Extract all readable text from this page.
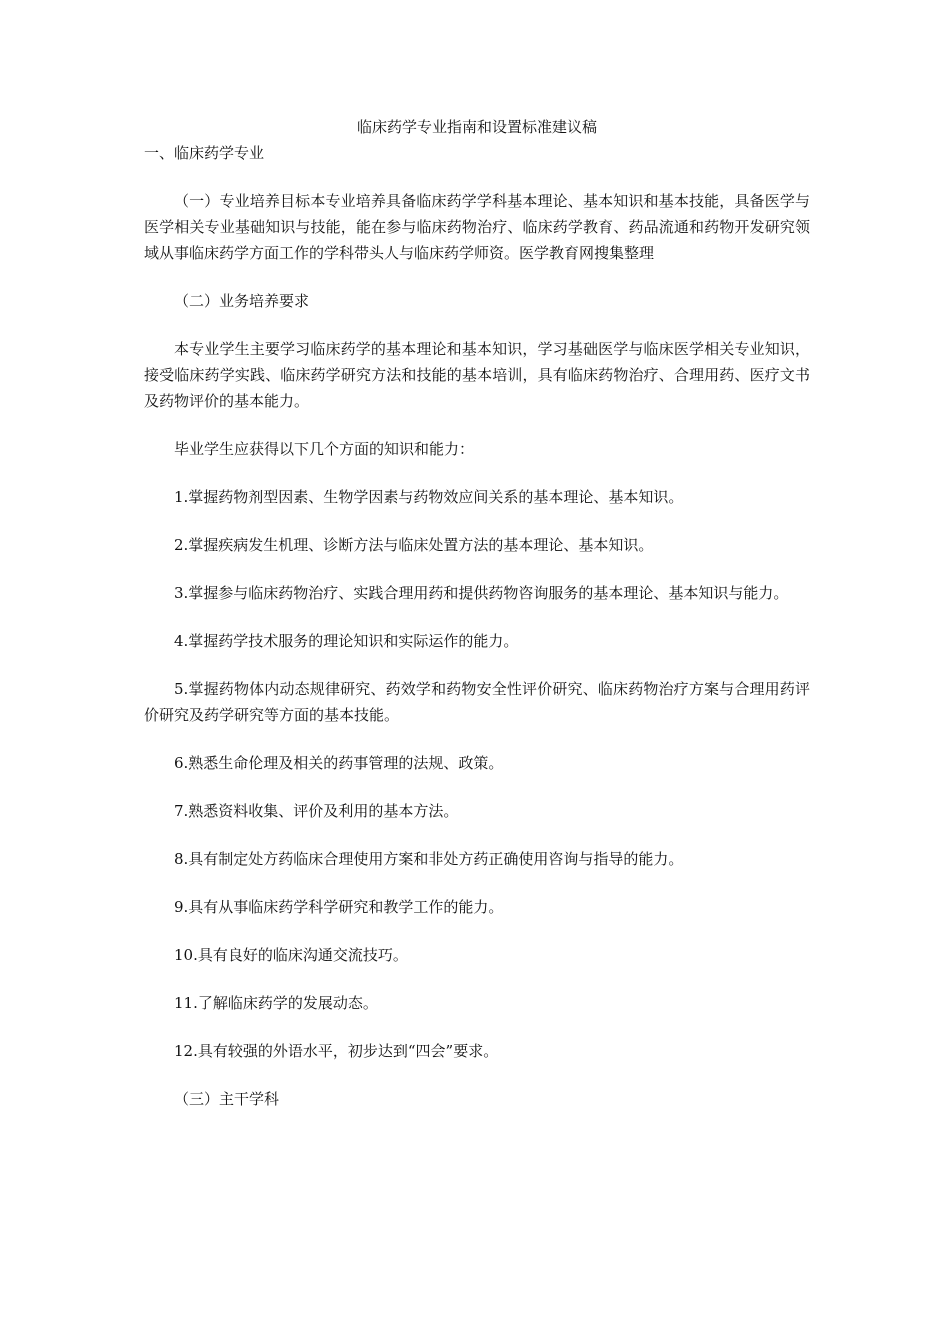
临床药学专业指南和设置标准建议稿

一、临床药学专业

（一）专业培养目标本专业培养具备临床药学学科基本理论、基本知识和基本技能，具备医学与医学相关专业基础知识与技能，能在参与临床药物治疗、临床药学教育、药品流通和药物开发研究领域从事临床药学方面工作的学科带头人与临床药学师资。医学教育网搜集整理

（二）业务培养要求

本专业学生主要学习临床药学的基本理论和基本知识，学习基础医学与临床医学相关专业知识，接受临床药学实践、临床药学研究方法和技能的基本培训，具有临床药物治疗、合理用药、医疗文书及药物评价的基本能力。

毕业学生应获得以下几个方面的知识和能力：

1.掌握药物剂型因素、生物学因素与药物效应间关系的基本理论、基本知识。

2.掌握疾病发生机理、诊断方法与临床处置方法的基本理论、基本知识。

3.掌握参与临床药物治疗、实践合理用药和提供药物咨询服务的基本理论、基本知识与能力。

4.掌握药学技术服务的理论知识和实际运作的能力。

5.掌握药物体内动态规律研究、药效学和药物安全性评价研究、临床药物治疗方案与合理用药评价研究及药学研究等方面的基本技能。

6.熟悉生命伦理及相关的药事管理的法规、政策。

7.熟悉资料收集、评价及利用的基本方法。

8.具有制定处方药临床合理使用方案和非处方药正确使用咨询与指导的能力。

9.具有从事临床药学科学研究和教学工作的能力。

10.具有良好的临床沟通交流技巧。

11.了解临床药学的发展动态。

12.具有较强的外语水平，初步达到“四会”要求。

（三）主干学科
